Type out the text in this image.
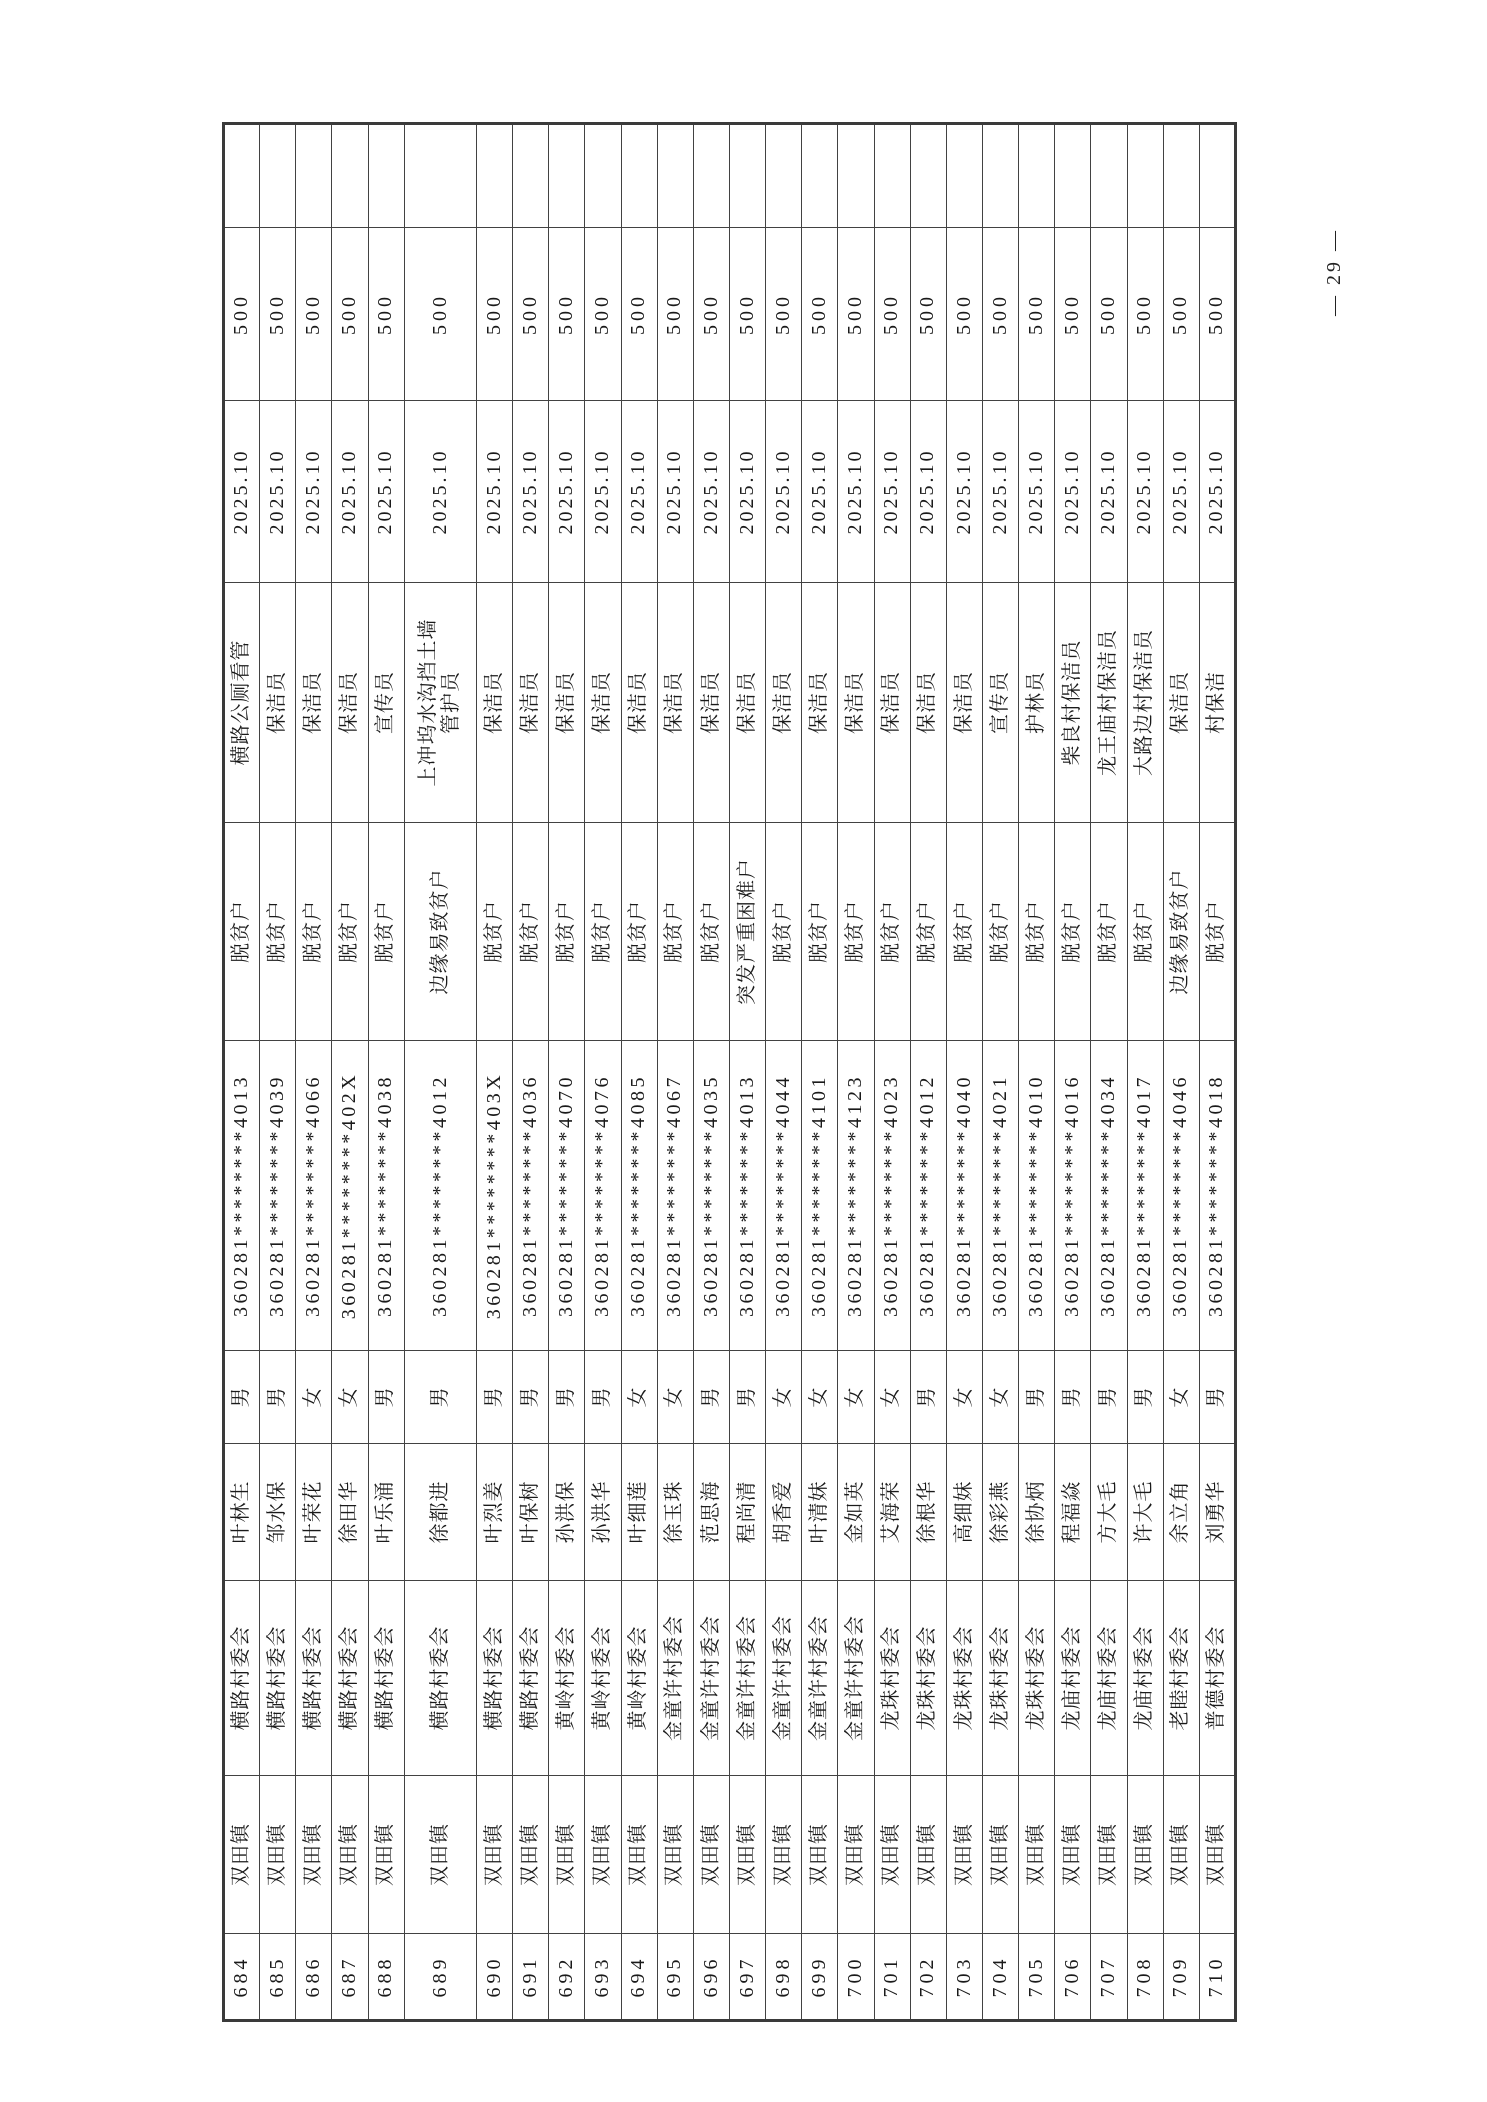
684	双田镇	横路村委会	叶林生	男	360281********4013	脱贫户	横路公厕看管	2025.10	500	
685	双田镇	横路村委会	邹水保	男	360281********4039	脱贫户	保洁员	2025.10	500	
686	双田镇	横路村委会	叶荣花	女	360281********4066	脱贫户	保洁员	2025.10	500	
687	双田镇	横路村委会	徐田华	女	360281********402X	脱贫户	保洁员	2025.10	500	
688	双田镇	横路村委会	叶乐涌	男	360281********4038	脱贫户	宣传员	2025.10	500	
689	双田镇	横路村委会	徐都进	男	360281********4012	边缘易致贫户	上冲坞水沟挡土墙
管护员	2025.10	500	
690	双田镇	横路村委会	叶烈姜	男	360281********403X	脱贫户	保洁员	2025.10	500	
691	双田镇	横路村委会	叶保树	男	360281********4036	脱贫户	保洁员	2025.10	500	
692	双田镇	黄岭村委会	孙洪保	男	360281********4070	脱贫户	保洁员	2025.10	500	
693	双田镇	黄岭村委会	孙洪华	男	360281********4076	脱贫户	保洁员	2025.10	500	
694	双田镇	黄岭村委会	叶细莲	女	360281********4085	脱贫户	保洁员	2025.10	500	
695	双田镇	金童许村委会	徐玉珠	女	360281********4067	脱贫户	保洁员	2025.10	500	
696	双田镇	金童许村委会	范思海	男	360281********4035	脱贫户	保洁员	2025.10	500	
697	双田镇	金童许村委会	程尚清	男	360281********4013	突发严重困难户	保洁员	2025.10	500	
698	双田镇	金童许村委会	胡香爱	女	360281********4044	脱贫户	保洁员	2025.10	500	
699	双田镇	金童许村委会	叶清妹	女	360281********4101	脱贫户	保洁员	2025.10	500	
700	双田镇	金童许村委会	金如英	女	360281********4123	脱贫户	保洁员	2025.10	500	
701	双田镇	龙珠村委会	艾海荣	女	360281********4023	脱贫户	保洁员	2025.10	500	
702	双田镇	龙珠村委会	徐根华	男	360281********4012	脱贫户	保洁员	2025.10	500	
703	双田镇	龙珠村委会	高细妹	女	360281********4040	脱贫户	保洁员	2025.10	500	
704	双田镇	龙珠村委会	徐彩燕	女	360281********4021	脱贫户	宣传员	2025.10	500	
705	双田镇	龙珠村委会	徐协炳	男	360281********4010	脱贫户	护林员	2025.10	500	
706	双田镇	龙庙村委会	程福焱	男	360281********4016	脱贫户	柴良村保洁员	2025.10	500	
707	双田镇	龙庙村委会	方大毛	男	360281********4034	脱贫户	龙王庙村保洁员	2025.10	500	
708	双田镇	龙庙村委会	许大毛	男	360281********4017	脱贫户	大路边村保洁员	2025.10	500	
709	双田镇	老睦村委会	余立角	女	360281********4046	边缘易致贫户	保洁员	2025.10	500	
710	双田镇	普德村委会	刘勇华	男	360281********4018	脱贫户	村保洁	2025.10	500		— 29 —
